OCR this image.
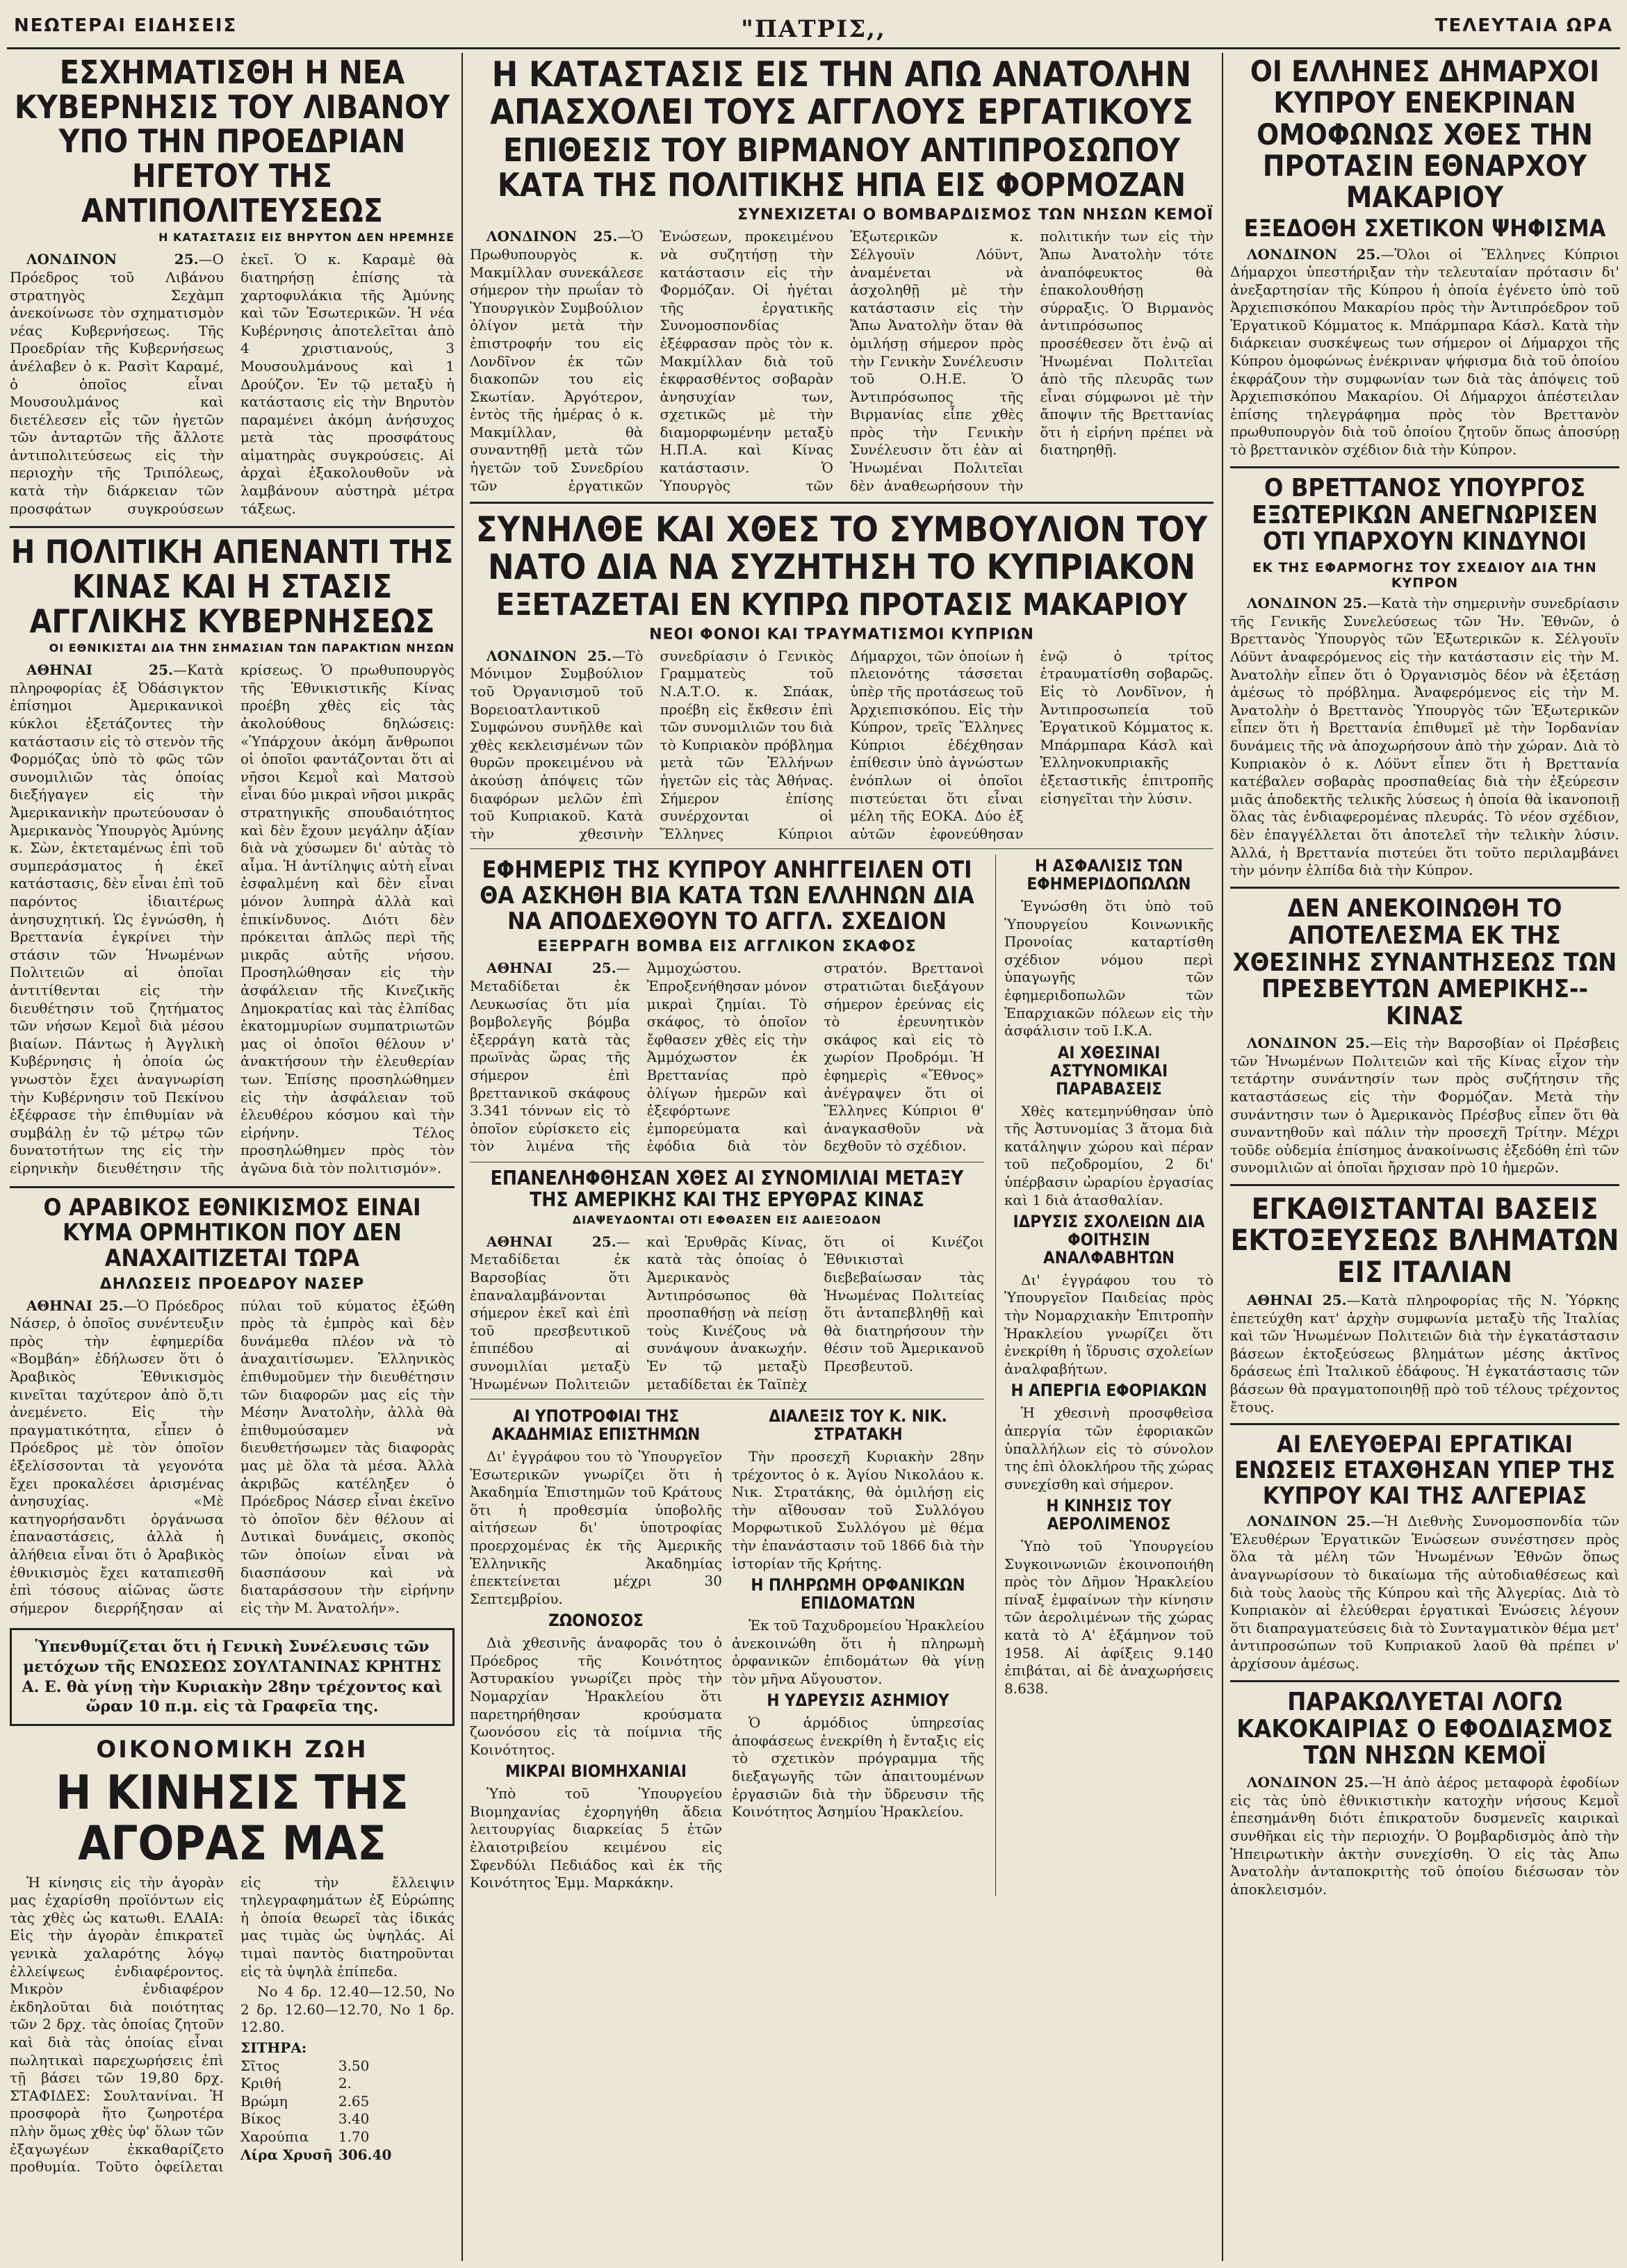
ΝΕΩΤΕΡΑΙ ΕΙΔΗΣΕΙΣ	"ΠΑΤΡΙΣ,,	ΤΕΛΕΥΤΑΙΑ ΩΡΑ
ΕΣΧΗΜΑΤΙΣΘΗ Η ΝΕΑ ΚΥΒΕΡΝΗΣΙΣ ΤΟΥ ΛΙΒΑΝΟΥ ΥΠΟ ΤΗΝ ΠΡΟΕΔΡΙΑΝ ΗΓΕΤΟΥ ΤΗΣ ΑΝΤΙΠΟΛΙΤΕΥΣΕΩΣ
Η ΚΑΤΑΣΤΑΣΙΣ ΕΙΣ ΒΗΡΥΤΟΝ ΔΕΝ ΗΡΕΜΗΣΕ

ΛΟΝΔΙΝΟΝ 25.—Ο Πρόεδρος τοῦ Λιβάνου στρατηγὸς Σεχὰμπ ἀνεκοίνωσε τὸν σχηματισμὸν νέας Κυβερνήσεως. Τῆς Προεδρίαν τῆς Κυβερνήσεως ἀνέλαβεν ὁ κ. Ρασὶτ Καραμέ, ὁ ὁποῖος εἶναι Μουσουλμάνος καὶ διετέλεσεν εἷς τῶν ἡγετῶν τῶν ἀνταρτῶν τῆς ἄλλοτε ἀντιπολιτεύσεως εἰς τὴν περιοχὴν τῆς Τριπόλεως, κατὰ τὴν διάρκειαν τῶν προσφάτων συγκρούσεων ἐκεῖ. Ὁ κ. Καραμὲ θὰ διατηρήσῃ ἐπίσης τὰ χαρτοφυλάκια τῆς Ἀμύνης καὶ τῶν Ἐσωτερικῶν. Ἡ νέα Κυβέρνησις ἀποτελεῖται ἀπὸ 4 χριστιανούς, 3 Μουσουλμάνους καὶ 1 Δρούζον. Ἐν τῷ μεταξὺ ἡ κατάστασις εἰς τὴν Βηρυτὸν παραμένει ἀκόμη ἀνήσυχος μετὰ τὰς προσφάτους αἱματηρὰς συγκρούσεις. Αἱ ἀρχαὶ ἐξακολουθοῦν νὰ λαμβάνουν αὐστηρὰ μέτρα τάξεως.

Η ΠΟΛΙΤΙΚΗ ΑΠΕΝΑΝΤΙ ΤΗΣ ΚΙΝΑΣ ΚΑΙ Η ΣΤΑΣΙΣ ΑΓΓΛΙΚΗΣ ΚΥΒΕΡΝΗΣΕΩΣ
ΟΙ ΕΘΝΙΚΙΣΤΑΙ ΔΙΑ ΤΗΝ ΣΗΜΑΣΙΑΝ ΤΩΝ ΠΑΡΑΚΤΙΩΝ ΝΗΣΩΝ

ΑΘΗΝΑΙ 25.—Κατὰ πληροφορίας ἐξ Ὀδάσιγκτον ἐπίσημοι Ἀμερικανικοὶ κύκλοι ἐξετάζοντες τὴν κατάστασιν εἰς τὸ στενὸν τῆς Φορμόζας ὑπὸ τὸ φῶς τῶν συνομιλιῶν τὰς ὁποίας διεξήγαγεν εἰς τὴν Ἀμερικανικὴν πρωτεύουσαν ὁ Ἀμερικανὸς Ὑπουργὸς Ἀμύνης κ. Σὼν, ἐκτεταμένως ἐπὶ τοῦ συμπεράσματος ἡ ἐκεῖ κατάστασις, δὲν εἶναι ἐπὶ τοῦ παρόντος ἰδιαιτέρως ἀνησυχητική. Ὡς ἐγνώσθη, ἡ Βρεττανία ἐγκρίνει τὴν στάσιν τῶν Ἡνωμένων Πολιτειῶν αἱ ὁποῖαι ἀντιτίθενται εἰς τὴν διευθέτησιν τοῦ ζητήματος τῶν νήσων Κεμοῒ διὰ μέσου βιαίων. Πάντως ἡ Ἀγγλικὴ Κυβέρνησις ἡ ὁποία ὡς γνωστὸν ἔχει ἀναγνωρίση τὴν Κυβέρνησιν τοῦ Πεκίνου ἐξέφρασε τὴν ἐπιθυμίαν νὰ συμβάλῃ ἐν τῷ μέτρῳ τῶν δυνατοτήτων της εἰς τὴν εἰρηνικὴν διευθέτησιν τῆς κρίσεως. Ὁ πρωθυπουργὸς τῆς Ἐθνικιστικῆς Κίνας προέβη χθὲς εἰς τὰς ἀκολούθους δηλώσεις: «Ὑπάρχουν ἀκόμη ἄνθρωποι οἱ ὁποῖοι φαντάζονται ὅτι αἱ νῆσοι Κεμοῒ καὶ Ματσοὺ εἶναι δύο μικραὶ νῆσοι μικρᾶς στρατηγικῆς σπουδαιότητος καὶ δὲν ἔχουν μεγάλην ἀξίαν διὰ νὰ χύσωμεν δι' αὐτὰς τὸ αἷμα. Ἡ ἀντίληψις αὐτὴ εἶναι ἐσφαλμένη καὶ δὲν εἶναι μόνον λυπηρὰ ἀλλὰ καὶ ἐπικίνδυνος. Διότι δὲν πρόκειται ἁπλῶς περὶ τῆς μικρᾶς αὐτῆς νήσου. Προσηλώθησαν εἰς τὴν ἀσφάλειαν τῆς Κινεζικῆς Δημοκρατίας καὶ τὰς ἐλπίδας ἑκατομμυρίων συμπατριωτῶν μας οἱ ὁποῖοι θέλουν ν' ἀνακτήσουν τὴν ἐλευθερίαν των. Ἐπίσης προσηλώθημεν εἰς τὴν ἀσφάλειαν τοῦ ἐλευθέρου κόσμου καὶ τὴν εἰρήνην. Τέλος προσηλώθημεν πρὸς τὸν ἀγῶνα διὰ τὸν πολιτισμόν».

Ο ΑΡΑΒΙΚΟΣ ΕΘΝΙΚΙΣΜΟΣ ΕΙΝΑΙ ΚΥΜΑ ΟΡΜΗΤΙΚΟΝ ΠΟΥ ΔΕΝ ΑΝΑΧΑΙΤΙΖΕΤΑΙ ΤΩΡΑ
ΔΗΛΩΣΕΙΣ ΠΡΟΕΔΡΟΥ ΝΑΣΕΡ

ΑΘΗΝΑΙ 25.—Ὁ Πρόεδρος Νάσερ, ὁ ὁποῖος συνέντευξιν πρὸς τὴν ἐφημερίδα «Βομβάη» ἐδήλωσεν ὅτι ὁ Ἀραβικὸς Ἐθνικισμὸς κινεῖται ταχύτερον ἀπὸ ὅ,τι ἀνεμένετο. Εἰς τὴν πραγματικότητα, εἶπεν ὁ Πρόεδρος μὲ τὸν ὁποῖον ἐξελίσσονται τὰ γεγονότα ἔχει προκαλέσει ἀρισμένας ἀνησυχίας. «Μὲ κατηγορήσανδτι ὁργάνωσα ἐπαναστάσεις, ἀλλὰ ἡ ἀλήθεια εἶναι ὅτι ὁ Ἀραβικὸς ἐθνικισμὸς ἔχει καταπιεσθῆ ἐπὶ τόσους αἰῶνας ὥστε σήμερον διερρήξησαν αἱ πύλαι τοῦ κύματος ἐξώθη πρὸς τὰ ἐμπρὸς καὶ δὲν δυνάμεθα πλέον νὰ τὸ ἀναχαιτίσωμεν. Ἐλληνικὸς ἐπιθυμοῦμεν τὴν διευθέτησιν τῶν διαφορῶν μας εἰς τὴν Μέσην Ἀνατολὴν, ἀλλὰ θὰ ἐπιθυμούσαμεν νὰ διευθετήσωμεν τὰς διαφορὰς μας μὲ ὅλα τὰ μέσα. Ἀλλὰ ἀκριβῶς κατέληξεν ὁ Πρόεδρος Νάσερ εἶναι ἐκεῖνο τὸ ὁποῖον δὲν θέλουν αἱ Δυτικαὶ δυνάμεις, σκοπὸς τῶν ὁποίων εἶναι νὰ διασπάσουν καὶ νὰ διαταράσσουν τὴν εἰρήνην εἰς τὴν Μ. Ἀνατολήν».

Ὑπενθυμίζεται ὅτι ἡ Γενικὴ Συνέλευσις τῶν μετόχων τῆς ΕΝΩΣΕΩΣ ΣΟΥΛΤΑΝΙΝΑΣ ΚΡΗΤΗΣ Α. Ε. θὰ γίνῃ τὴν Κυριακὴν 28ην τρέχοντος καὶ ὥραν 10 π.μ. εἰς τὰ Γραφεῖα της.
ΟΙΚΟΝΟΜΙΚΗ ΖΩΗ
Η ΚΙΝΗΣΙΣ ΤΗΣ ΑΓΟΡΑΣ ΜΑΣ

Ἡ κίνησις εἰς τὴν ἀγορὰν μας ἐχαρίσθη προϊόντων εἰς τὰς χθὲς ὡς κατωθι. ΕΛΑΙΑ: Εἰς τὴν ἀγορὰν ἐπικρατεῖ γενικὰ χαλαρότης λόγῳ ἐλλείψεως ἐνδιαφέροντος. Μικρὸν ἐνδιαφέρον ἐκδηλοῦται διὰ ποιότητας τῶν 2 δρχ. τὰς ὁποίας ζητοῦν καὶ διὰ τὰς ὁποίας εἶναι πωλητικαὶ παρεχωρήσεις ἐπὶ τῇ βάσει τῶν 19,80 δρχ. ΣΤΑΦΙΔΕΣ: Σουλτανίναι. Ἡ προσφορὰ ἥτο ζωηροτέρα πλὴν ὅμως χθὲς ὑφ' ὅλων τῶν ἐξαγωγέων ἐκκαθαρίζετο προθυμία. Τοῦτο ὀφείλεται εἰς τὴν ἔλλειψιν τηλεγραφημάτων ἐξ Εὐρώπης ἡ ὁποία θεωρεῖ τὰς ἰδικάς μας τιμὰς ὡς ὑψηλάς. Αἱ τιμαὶ παντὸς διατηροῦνται εἰς τὰ ὑψηλὰ ἐπίπεδα.

Νο 4 δρ. 12.40—12.50, Νο 2 δρ. 12.60—12.70, Νο 1 δρ. 12.80.

ΣΙΤΗΡΑ:
Σῖτος	3.50
Κριθή	2.
Βρώμη	2.65
Βίκος	3.40
Χαρούπια	1.70
Λίρα Χρυσῆ	306.40
Η ΚΑΤΑΣΤΑΣΙΣ ΕΙΣ ΤΗΝ ΑΠΩ ΑΝΑΤΟΛΗΝ ΑΠΑΣΧΟΛΕΙ ΤΟΥΣ ΑΓΓΛΟΥΣ ΕΡΓΑΤΙΚΟΥΣ
ΕΠΙΘΕΣΙΣ ΤΟΥ ΒΙΡΜΑΝΟΥ ΑΝΤΙΠΡΟΣΩΠΟΥ ΚΑΤΑ ΤΗΣ ΠΟΛΙΤΙΚΗΣ ΗΠΑ ΕΙΣ ΦΟΡΜΟΖΑΝ
ΣΥΝΕΧΙΖΕΤΑΙ Ο ΒΟΜΒΑΡΔΙΣΜΟΣ ΤΩΝ ΝΗΣΩΝ ΚΕΜΟΪ

ΛΟΝΔΙΝΟΝ 25.—Ὁ Πρωθυπουργὸς κ. Μακμίλλαν συνεκάλεσε σήμερον τὴν πρωΐαν τὸ Ὑπουργικὸν Συμβούλιον ὀλίγον μετὰ τὴν ἐπιστροφήν του εἰς Λονδῖνον ἐκ τῶν διακοπῶν του εἰς Σκωτίαν. Ἀργότερον, ἐντὸς τῆς ἡμέρας ὁ κ. Μακμίλλαν, θὰ συναντηθῇ μετὰ τῶν ἡγετῶν τοῦ Συνεδρίου τῶν ἐργατικῶν Ἑνώσεων, προκειμένου νὰ συζητήσῃ τὴν κατάστασιν εἰς τὴν Φορμόζαν. Οἱ ἡγέται τῆς ἐργατικῆς Συνομοσπονδίας ἐξέφρασαν πρὸς τὸν κ. Μακμίλλαν διὰ τοῦ ἐκφρασθέντος σοβαρὰν ἀνησυχίαν των, σχετικῶς μὲ τὴν διαμορφωμένην μεταξὺ Η.Π.Α. καὶ Κίνας κατάστασιν. Ὁ Ὑπουργὸς τῶν Ἐξωτερικῶν κ. Σέλγουϊν Λόϋντ, ἀναμένεται νὰ ἀσχοληθῇ μὲ τὴν κατάστασιν εἰς τὴν Ἄπω Ἀνατολὴν ὅταν θὰ ὁμιλήσῃ σήμερον πρὸς τὴν Γενικὴν Συνέλευσιν τοῦ Ο.Η.Ε. Ὁ Ἀντιπρόσωπος τῆς Βιρμανίας εἶπε χθὲς πρὸς τὴν Γενικὴν Συνέλευσιν ὅτι ἐὰν αἱ Ἡνωμέναι Πολιτεῖαι δὲν ἀναθεωρήσουν τὴν πολιτικήν των εἰς τὴν Ἄπω Ἀνατολὴν τότε ἀναπόφευκτος θὰ ἐπακολουθήσῃ σύρραξις. Ὁ Βιρμανὸς ἀντιπρόσωπος προσέθεσεν ὅτι ἐνῷ αἱ Ἡνωμέναι Πολιτεῖαι ἀπὸ τῆς πλευρᾶς των εἶναι σύμφωνοι μὲ τὴν ἄποψιν τῆς Βρεττανίας ὅτι ἡ εἰρήνη πρέπει νὰ διατηρηθῇ.

ΣΥΝΗΛΘΕ ΚΑΙ ΧΘΕΣ ΤΟ ΣΥΜΒΟΥΛΙΟΝ ΤΟΥ ΝΑΤΟ ΔΙΑ ΝΑ ΣΥΖΗΤΗΣΗ ΤΟ ΚΥΠΡΙΑΚΟΝ
ΕΞΕΤΑΖΕΤΑΙ ΕΝ ΚΥΠΡΩ ΠΡΟΤΑΣΙΣ ΜΑΚΑΡΙΟΥ
ΝΕΟΙ ΦΟΝΟΙ ΚΑΙ ΤΡΑΥΜΑΤΙΣΜΟΙ ΚΥΠΡΙΩΝ

ΛΟΝΔΙΝΟΝ 25.—Τὸ Μόνιμον Συμβούλιον τοῦ Ὀργανισμοῦ τοῦ Βορειοατλαντικοῦ Συμφώνου συνῆλθε καὶ χθὲς κεκλεισμένων τῶν θυρῶν προκειμένου νὰ ἀκούσῃ ἀπόψεις τῶν διαφόρων μελῶν ἐπὶ τοῦ Κυπριακοῦ. Κατὰ τὴν χθεσινὴν συνεδρίασιν ὁ Γενικὸς Γραμματεὺς τοῦ Ν.Α.Τ.Ο. κ. Σπάακ, προέβη εἰς ἔκθεσιν ἐπὶ τῶν συνομιλιῶν του διὰ τὸ Κυπριακὸν πρόβλημα μετὰ τῶν Ἑλλήνων ἡγετῶν εἰς τὰς Ἀθήνας. Σήμερον ἐπίσης συνέρχονται οἱ Ἕλληνες Κύπριοι Δήμαρχοι, τῶν ὁποίων ἡ πλειονότης τάσσεται ὑπὲρ τῆς προτάσεως τοῦ Ἀρχιεπισκόπου. Εἰς τὴν Κύπρον, τρεῖς Ἕλληνες Κύπριοι ἐδέχθησαν ἐπίθεσιν ὑπὸ ἀγνώστων ἐνόπλων οἱ ὁποῖοι πιστεύεται ὅτι εἶναι μέλη τῆς ΕΟΚΑ. Δύο ἐξ αὐτῶν ἐφονεύθησαν ἐνῷ ὁ τρίτος ἐτραυματίσθη σοβαρῶς. Εἰς τὸ Λονδῖνον, ἡ Ἀντιπροσωπεία τοῦ Ἐργατικοῦ Κόμματος κ. Μπάρμπαρα Κάσλ καὶ Ἑλληνοκυπριακῆς ἐξεταστικῆς ἐπιτροπῆς εἰσηγεῖται τὴν λύσιν.

ΕΦΗΜΕΡΙΣ ΤΗΣ ΚΥΠΡΟΥ ΑΝΗΓΓΕΙΛΕΝ ΟΤΙ ΘΑ ΑΣΚΗΘΗ ΒΙΑ ΚΑΤΑ ΤΩΝ ΕΛΛΗΝΩΝ ΔΙΑ ΝΑ ΑΠΟΔΕΧΘΟΥΝ ΤΟ ΑΓΓΛ. ΣΧΕΔΙΟΝ
ΕΞΕΡΡΑΓΗ ΒΟΜΒΑ ΕΙΣ ΑΓΓΛΙΚΟΝ ΣΚΑΦΟΣ

ΑΘΗΝΑΙ 25.—Μεταδίδεται ἐκ Λευκωσίας ὅτι μία βομβολεγῆς βόμβα ἐξερράγη κατὰ τὰς πρωϊνὰς ὥρας τῆς σήμερον ἐπὶ βρεττανικοῦ σκάφους 3.341 τόννων εἰς τὸ ὁποῖον εὑρίσκετο εἰς τὸν λιμένα τῆς Ἀμμοχώστου. Ἐπροξενήθησαν μόνον μικραὶ ζημίαι. Τὸ σκάφος, τὸ ὁποῖον ἔφθασεν χθὲς εἰς τὴν Ἀμμόχωστον ἐκ Βρεττανίας πρὸ ὀλίγων ἡμερῶν καὶ ἐξεφόρτωνε ἐμπορεύματα καὶ ἐφόδια διὰ τὸν στρατόν. Βρεττανοὶ στρατιῶται διεξάγουν σήμερον ἐρεύνας εἰς τὸ ἐρευνητικὸν σκάφος καὶ εἰς τὸ χωρίον Προδρόμι. Ἡ ἐφημερὶς «Ἔθνος» ἀνέγραψεν ὅτι οἱ Ἕλληνες Κύπριοι θ' ἀναγκασθοῦν νὰ δεχθοῦν τὸ σχέδιον.

ΕΠΑΝΕΛΗΦΘΗΣΑΝ ΧΘΕΣ ΑΙ ΣΥΝΟΜΙΛΙΑΙ ΜΕΤΑΞΥ ΤΗΣ ΑΜΕΡΙΚΗΣ ΚΑΙ ΤΗΣ ΕΡΥΘΡΑΣ ΚΙΝΑΣ
ΔΙΑΨΕΥΔΟΝΤΑΙ ΟΤΙ ΕΦΘΑΣΕΝ ΕΙΣ ΑΔΙΕΞΟΔΟΝ

ΑΘΗΝΑΙ 25.—Μεταδίδεται ἐκ Βαρσοβίας ὅτι ἐπαναλαμβάνονται σήμερον ἐκεῖ καὶ ἐπὶ τοῦ πρεσβευτικοῦ ἐπιπέδου αἱ συνομιλίαι μεταξὺ Ἡνωμένων Πολιτειῶν καὶ Ἐρυθρᾶς Κίνας, κατὰ τὰς ὁποίας ὁ Ἀμερικανὸς Ἀντιπρόσωπος θὰ προσπαθήσῃ νὰ πείσῃ τοὺς Κινέζους νὰ συνάψουν ἀνακωχήν. Ἐν τῷ μεταξὺ μεταδίδεται ἐκ Ταϊπὲχ ὅτι οἱ Κινέζοι Ἐθνικισταὶ διεβεβαίωσαν τὰς Ἡνωμένας Πολιτείας ὅτι ἀνταπεβληθῇ καὶ θὰ διατηρήσουν τὴν θέσιν τοῦ Ἀμερικανοῦ Πρεσβευτοῦ.

ΑΙ ΥΠΟΤΡΟΦΙΑΙ ΤΗΣ ΑΚΑΔΗΜΙΑΣ ΕΠΙΣΤΗΜΩΝ

Δι' ἐγγράφου του τὸ Ὑπουργεῖον Ἐσωτερικῶν γνωρίζει ὅτι ἡ Ἀκαδημία Ἐπιστημῶν τοῦ Κράτους ὅτι ἡ προθεσμία ὑποβολῆς αἰτήσεων δι' ὑποτροφίας προερχομένας ἐκ τῆς Ἀμερικῆς Ἑλληνικῆς Ἀκαδημίας ἐπεκτείνεται μέχρι 30 Σεπτεμβρίου.

ΖΩΟΝΟΣΟΣ

Διὰ χθεσινῆς ἀναφορᾶς του ὁ Πρόεδρος τῆς Κοινότητος Ἀστυρακίου γνωρίζει πρὸς τὴν Νομαρχίαν Ἡρακλείου ὅτι παρετηρήθησαν κρούσματα ζωονόσου εἰς τὰ ποίμνια τῆς Κοινότητος.

ΜΙΚΡΑΙ ΒΙΟΜΗΧΑΝΙΑΙ

Ὑπὸ τοῦ Ὑπουργείου Βιομηχανίας ἐχορηγήθη ἄδεια λειτουργίας διαρκείας 5 ἐτῶν ἐλαιοτριβείου κειμένου εἰς Σφενδύλι Πεδιάδος καὶ ἐκ τῆς Κοινότητος Ἐμμ. Μαρκάκην.

ΔΙΑΛΕΞΙΣ ΤΟΥ Κ. ΝΙΚ. ΣΤΡΑΤΑΚΗ

Τὴν προσεχῆ Κυριακὴν 28ην τρέχοντος ὁ κ. Ἁγίου Νικολάου κ. Νικ. Στρατάκης, θὰ ὁμιλήσῃ εἰς τὴν αἴθουσαν τοῦ Συλλόγου Μορφωτικοῦ Συλλόγου μὲ θέμα τὴν ἐπανάστασιν τοῦ 1866 διὰ τὴν ἱστορίαν τῆς Κρήτης.

Η ΠΛΗΡΩΜΗ ΟΡΦΑΝΙΚΩΝ ΕΠΙΔΟΜΑΤΩΝ

Ἐκ τοῦ Ταχυδρομείου Ἡρακλείου ἀνεκοινώθη ὅτι ἡ πληρωμὴ ὀρφανικῶν ἐπιδομάτων θὰ γίνῃ τὸν μῆνα Αὔγουστον.

Η ΥΔΡΕΥΣΙΣ ΑΣΗΜΙΟΥ

Ὁ ἀρμόδιος ὑπηρεσίας ἀποφάσεως ἐνεκρίθη ἡ ἔνταξις εἰς τὸ σχετικὸν πρόγραμμα τῆς διεξαγωγῆς τῶν ἀπαιτουμένων ἐργασιῶν διὰ τὴν ὕδρευσιν τῆς Κοινότητος Ἀσημίου Ἡρακλείου.

Η ΑΣΦΑΛΙΣΙΣ ΤΩΝ ΕΦΗΜΕΡΙΔΟΠΩΛΩΝ

Ἐγνώσθη ὅτι ὑπὸ τοῦ Ὑπουργείου Κοινωνικῆς Προνοίας καταρτίσθη σχέδιον νόμου περὶ ὑπαγωγῆς τῶν ἐφημεριδοπωλῶν τῶν Ἐπαρχιακῶν πόλεων εἰς τὴν ἀσφάλισιν τοῦ Ι.Κ.Α.

ΑΙ ΧΘΕΣΙΝΑΙ ΑΣΤΥΝΟΜΙΚΑΙ ΠΑΡΑΒΑΣΕΙΣ

Χθὲς κατεμηνύθησαν ὑπὸ τῆς Ἀστυνομίας 3 ἄτομα διὰ κατάληψιν χώρου καὶ πέραν τοῦ πεζοδρομίου, 2 δι' ὑπέρβασιν ὠραρίου ἐργασίας καὶ 1 διὰ ἀτασθαλίαν.

ΙΔΡΥΣΙΣ ΣΧΟΛΕΙΩΝ ΔΙΑ ΦΟΙΤΗΣΙΝ ΑΝΑΛΦΑΒΗΤΩΝ

Δι' ἐγγράφου του τὸ Ὑπουργεῖον Παιδείας πρὸς τὴν Νομαρχιακὴν Ἐπιτροπὴν Ἡρακλείου γνωρίζει ὅτι ἐνεκρίθη ἡ ἵδρυσις σχολείων ἀναλφαβήτων.

Η ΑΠΕΡΓΙΑ ΕΦΟΡΙΑΚΩΝ

Ἡ χθεσινὴ προσφθεὶσα ἀπεργία τῶν ἐφοριακῶν ὑπαλλήλων εἰς τὸ σύνολον της ἐπὶ ὁλοκλήρου τῆς χώρας συνεχίσθη καὶ σήμερον.

Η ΚΙΝΗΣΙΣ ΤΟΥ ΑΕΡΟΛΙΜΕΝΟΣ

Ὑπὸ τοῦ Ὑπουργείου Συγκοινωνιῶν ἐκοινοποιήθη πρὸς τὸν Δῆμον Ἡρακλείου πίναξ ἐμφαίνων τὴν κίνησιν τῶν ἀερολιμένων τῆς χώρας κατὰ τὸ Α' ἑξάμηνον τοῦ 1958. Αἱ ἀφίξεις 9.140 ἐπιβάται, αἱ δὲ ἀναχωρήσεις 8.638.

ΟΙ ΕΛΛΗΝΕΣ ΔΗΜΑΡΧΟΙ ΚΥΠΡΟΥ ΕΝΕΚΡΙΝΑΝ ΟΜΟΦΩΝΩΣ ΧΘΕΣ ΤΗΝ ΠΡΟΤΑΣΙΝ ΕΘΝΑΡΧΟΥ ΜΑΚΑΡΙΟΥ
ΕΞΕΔΟΘΗ ΣΧΕΤΙΚΟΝ ΨΗΦΙΣΜΑ

ΛΟΝΔΙΝΟΝ 25.—Ὅλοι οἱ Ἕλληνες Κύπριοι Δήμαρχοι ὑπεστήριξαν τὴν τελευταίαν πρότασιν δι' ἀνεξαρτησίαν τῆς Κύπρου ἡ ὁποία ἐγένετο ὑπὸ τοῦ Ἀρχιεπισκόπου Μακαρίου πρὸς τὴν Ἀντιπρόεδρον τοῦ Ἐργατικοῦ Κόμματος κ. Μπάρμπαρα Κάσλ. Κατὰ τὴν διάρκειαν συσκέψεως των σήμερον οἱ Δήμαρχοι τῆς Κύπρου ὁμοφώνως ἐνέκριναν ψήφισμα διὰ τοῦ ὁποίου ἐκφράζουν τὴν συμφωνίαν των διὰ τὰς ἀπόψεις τοῦ Ἀρχιεπισκόπου Μακαρίου. Οἱ Δήμαρχοι ἀπέστειλαν ἐπίσης τηλεγράφημα πρὸς τὸν Βρεττανὸν πρωθυπουργὸν διὰ τοῦ ὁποίου ζητοῦν ὅπως ἀποσύρῃ τὸ βρεττανικὸν σχέδιον διὰ τὴν Κύπρον.

Ο ΒΡΕΤΤΑΝΟΣ ΥΠΟΥΡΓΟΣ ΕΞΩΤΕΡΙΚΩΝ ΑΝΕΓΝΩΡΙΣΕΝ ΟΤΙ ΥΠΑΡΧΟΥΝ ΚΙΝΔΥΝΟΙ
ΕΚ ΤΗΣ ΕΦΑΡΜΟΓΗΣ ΤΟΥ ΣΧΕΔΙΟΥ ΔΙΑ ΤΗΝ ΚΥΠΡΟΝ

ΛΟΝΔΙΝΟΝ 25.—Κατὰ τὴν σημερινὴν συνεδρίασιν τῆς Γενικῆς Συνελεύσεως τῶν Ἡν. Ἐθνῶν, ὁ Βρεττανὸς Ὑπουργὸς τῶν Ἐξωτερικῶν κ. Σέλγουϊν Λόϋντ ἀναφερόμενος εἰς τὴν κατάστασιν εἰς τὴν Μ. Ἀνατολὴν εἶπεν ὅτι ὁ Ὀργανισμὸς δέον νὰ ἐξετάσῃ ἀμέσως τὸ πρόβλημα. Ἀναφερόμενος εἰς τὴν Μ. Ἀνατολὴν ὁ Βρεττανὸς Ὑπουργὸς τῶν Ἐξωτερικῶν εἶπεν ὅτι ἡ Βρεττανία ἐπιθυμεῖ μὲ τὴν Ἰορδανίαν δυνάμεις τῆς νὰ ἀποχωρήσουν ἀπὸ τὴν χώραν. Διὰ τὸ Κυπριακὸν ὁ κ. Λόϋντ εἶπεν ὅτι ἡ Βρεττανία κατέβαλεν σοβαρὰς προσπαθείας διὰ τὴν ἐξεύρεσιν μιᾶς ἀποδεκτῆς τελικῆς λύσεως ἡ ὁποία θὰ ἱκανοποιῇ ὅλας τὰς ἐνδιαφερομένας πλευράς. Τὸ νέον σχέδιον, δὲν ἐπαγγέλλεται ὅτι ἀποτελεῖ τὴν τελικὴν λύσιν. Ἀλλά, ἡ Βρεττανία πιστεύει ὅτι τοῦτο περιλαμβάνει τὴν μόνην ἐλπίδα διὰ τὴν Κύπρον.

ΔΕΝ ΑΝΕΚΟΙΝΩΘΗ ΤΟ ΑΠΟΤΕΛΕΣΜΑ ΕΚ ΤΗΣ ΧΘΕΣΙΝΗΣ ΣΥΝΑΝΤΗΣΕΩΣ ΤΩΝ ΠΡΕΣΒΕΥΤΩΝ ΑΜΕΡΙΚΗΣ--ΚΙΝΑΣ

ΛΟΝΔΙΝΟΝ 25.—Εἰς τὴν Βαρσοβίαν οἱ Πρέσβεις τῶν Ἡνωμένων Πολιτειῶν καὶ τῆς Κίνας εἶχον τὴν τετάρτην συνάντησίν των πρὸς συζήτησιν τῆς καταστάσεως εἰς τὴν Φορμόζαν. Μετὰ τὴν συνάντησιν των ὁ Ἀμερικανὸς Πρέσβυς εἶπεν ὅτι θὰ συναντηθοῦν καὶ πάλιν τὴν προσεχῆ Τρίτην. Μέχρι τοῦδε οὐδεμία ἐπίσημος ἀνακοίνωσις ἐξεδόθη ἐπὶ τῶν συνομιλιῶν αἱ ὁποῖαι ἤρχισαν πρὸ 10 ἡμερῶν.

ΕΓΚΑΘΙΣΤΑΝΤΑΙ ΒΑΣΕΙΣ ΕΚΤΟΞΕΥΣΕΩΣ ΒΛΗΜΑΤΩΝ ΕΙΣ ΙΤΑΛΙΑΝ

ΑΘΗΝΑΙ 25.—Κατὰ πληροφορίας τῆς Ν. Ὑόρκης ἐπετεύχθη κατ' ἀρχὴν συμφωνία μεταξὺ τῆς Ἰταλίας καὶ τῶν Ἡνωμένων Πολιτειῶν διὰ τὴν ἐγκατάστασιν βάσεων ἐκτοξεύσεως βλημάτων μέσης ἀκτῖνος δράσεως ἐπὶ Ἰταλικοῦ ἐδάφους. Ἡ ἐγκατάστασις τῶν βάσεων θὰ πραγματοποιηθῇ πρὸ τοῦ τέλους τρέχοντος ἔτους.

ΑΙ ΕΛΕΥΘΕΡΑΙ ΕΡΓΑΤΙΚΑΙ ΕΝΩΣΕΙΣ ΕΤΑΧΘΗΣΑΝ ΥΠΕΡ ΤΗΣ ΚΥΠΡΟΥ ΚΑΙ ΤΗΣ ΑΛΓΕΡΙΑΣ

ΛΟΝΔΙΝΟΝ 25.—Ἡ Διεθνὴς Συνομοσπονδία τῶν Ἐλευθέρων Ἐργατικῶν Ἑνώσεων συνέστησεν πρὸς ὅλα τὰ μέλη τῶν Ἡνωμένων Ἐθνῶν ὅπως ἀναγνωρίσουν τὸ δικαίωμα τῆς αὐτοδιαθέσεως καὶ διὰ τοὺς λαοὺς τῆς Κύπρου καὶ τῆς Ἀλγερίας. Διὰ τὸ Κυπριακὸν αἱ ἐλεύθεραι ἐργατικαὶ Ἑνώσεις λέγουν ὅτι διαπραγματεύσεις διὰ τὸ Συνταγματικὸν θέμα μετ' ἀντιπροσώπων τοῦ Κυπριακοῦ λαοῦ θὰ πρέπει ν' ἀρχίσουν ἀμέσως.

ΠΑΡΑΚΩΛΥΕΤΑΙ ΛΟΓΩ ΚΑΚΟΚΑΙΡΙΑΣ Ο ΕΦΟΔΙΑΣΜΟΣ ΤΩΝ ΝΗΣΩΝ ΚΕΜΟΪ

ΛΟΝΔΙΝΟΝ 25.—Ἡ ἀπὸ ἀέρος μεταφορὰ ἐφοδίων εἰς τὰς ὑπὸ ἐθνικιστικὴν κατοχὴν νήσους Κεμοῒ ἐπεσημάνθη διότι ἐπικρατοῦν δυσμενεῖς καιρικαὶ συνθῆκαι εἰς τὴν περιοχήν. Ὁ βομβαρδισμὸς ἀπὸ τὴν Ἠπειρωτικὴν ἀκτὴν συνεχίσθη. Ὁ εἰς τὰς Ἀπω Ἀνατολὴν ἀνταποκριτὴς τοῦ ὁποίου διέσωσαν τὸν ἀποκλεισμόν.
